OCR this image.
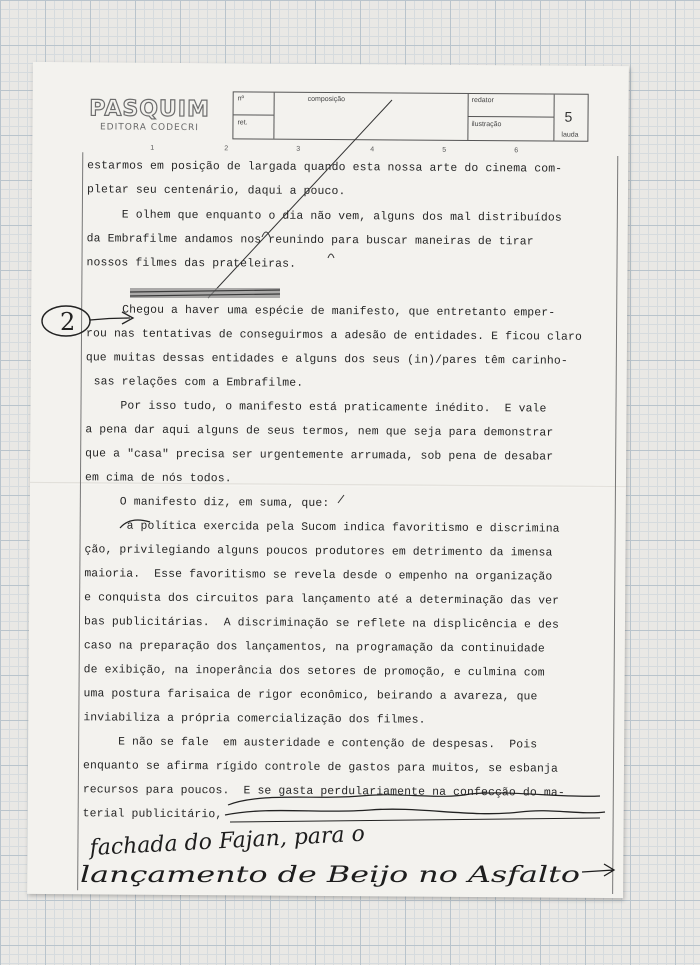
PASQUIM
EDITORA CODECRI
nº
ret.
composição	redator
ilustração	5
lauda
1	2	3	4	5	6
estarmos em posição de largada quando esta nossa arte do cinema com-
pletar seu centenário, daqui a pouco.
E olhem que enquanto o dia não vem, alguns dos mal distribuídos
da Embrafilme andamos nos reunindo para buscar maneiras de tirar
nossos filmes das prateleiras.
Chegou a haver uma espécie de manifesto, que entretanto emper-
rou nas tentativas de conseguirmos a adesão de entidades. E ficou claro
que muitas dessas entidades e alguns dos seus (in)/pares têm carinho-
sas relações com a Embrafilme.
Por isso tudo, o manifesto está praticamente inédito.  E vale
a pena dar aqui alguns de seus termos, nem que seja para demonstrar
que a "casa" precisa ser urgentemente arrumada, sob pena de desabar
em cima de nós todos.
O manifesto diz, em suma, que:
a política exercida pela Sucom indica favoritismo e discrimina
ção, privilegiando alguns poucos produtores em detrimento da imensa
maioria.  Esse favoritismo se revela desde o empenho na organização
e conquista dos circuitos para lançamento até a determinação das ver
bas publicitárias.  A discriminação se reflete na displicência e des
caso na preparação dos lançamentos, na programação da continuidade
de exibição, na inoperância dos setores de promoção, e culmina com
uma postura farisaica de rigor econômico, beirando a avareza, que
inviabiliza a própria comercialização dos filmes.
E não se fale  em austeridade e contenção de despesas.  Pois
enquanto se afirma rígido controle de gastos para muitos, se esbanja
recursos para poucos.  E se gasta perdulariamente na confecção do ma-
terial publicitário,
2
fachada do Fajan, para o
lançamento de Beijo no Asfalto
